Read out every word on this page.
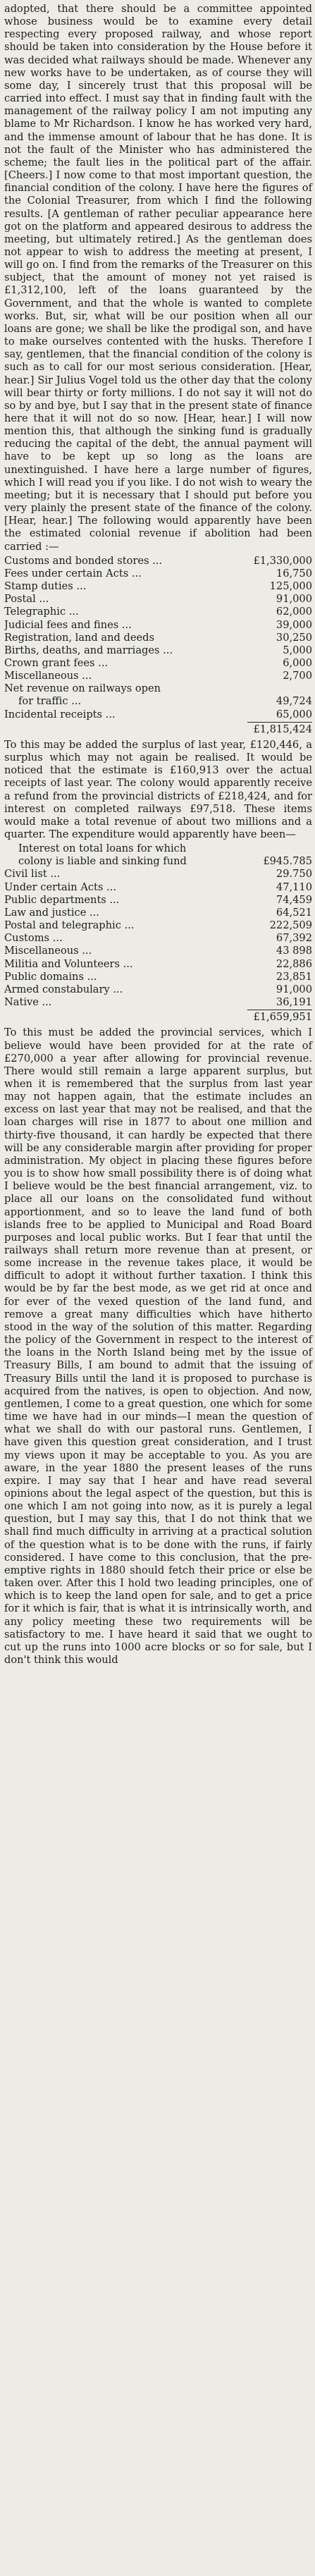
adopted, that there should be a committee appointed whose business would be to examine every detail respecting every proposed railway, and whose report should be taken into consideration by the House before it was decided what railways should be made. Whenever any new works have to be undertaken, as of course they will some day, I sincerely trust that this proposal will be carried into effect. I must say that in finding fault with the management of the railway policy I am not imputing any blame to Mr Richardson. I know he has worked very hard, and the immense amount of labour that he has done. It is not the fault of the Minister who has administered the scheme; the fault lies in the political part of the affair. [Cheers.] I now come to that most important question, the financial condition of the colony. I have here the figures of the Colonial Treasurer, from which I find the following results. [A gentleman of rather peculiar appearance here got on the platform and appeared desirous to address the meeting, but ultimately retired.] As the gentleman does not appear to wish to address the meeting at present, I will go on. I find from the remarks of the Treasurer on this subject, that the amount of money not yet raised is £1,312,100, left of the loans guaranteed by the Government, and that the whole is wanted to complete works. But, sir, what will be our position when all our loans are gone; we shall be like the prodigal son, and have to make ourselves contented with the husks. Therefore I say, gentlemen, that the financial condition of the colony is such as to call for our most serious consideration. [Hear, hear.] Sir Julius Vogel told us the other day that the colony will bear thirty or forty millions. I do not say it will not do so by and bye, but I say that in the present state of finance here that it will not do so now. [Hear, hear.] I will now mention this, that although the sinking fund is gradually reducing the capital of the debt, the annual payment will have to be kept up so long as the loans are unextinguished. I have here a large number of figures, which I will read you if you like. I do not wish to weary the meeting; but it is necessary that I should put before you very plainly the present state of the finance of the colony. [Hear, hear.] The following would apparently have been the estimated colonial revenue if abolition had been carried :—

Customs and bonded stores ...	£1,330,000
Fees under certain Acts ...	16,750
Stamp duties ...	125,000
Postal ...	91,000
Telegraphic ...	62,000
Judicial fees and fines ...	39,000
Registration, land and deeds	30,250
Births, deaths, and marriages ...	5,000
Crown grant fees ...	6,000
Miscellaneous ...	2,700
Net revenue on railways open
for traffic ...	49,724
Incidental receipts ...	65,000
£1,815,424

To this may be added the surplus of last year, £120,446, a surplus which may not again be realised. It would be noticed that the estimate is £160,913 over the actual receipts of last year. The colony would apparently receive a refund from the provincial districts of £218,424, and for interest on completed railways £97,518. These items would make a total revenue of about two millions and a quarter. The expenditure would apparently have been—

Interest on total loans for which
colony is liable and sinking fund	£945.785
Civil list ...	29.750
Under certain Acts ...	47,110
Public departments ...	74,459
Law and justice ...	64,521
Postal and telegraphic ...	222,509
Customs ...	67,392
Miscellaneous ...	43 898
Militia and Volunteers ...	22,886
Public domains ...	23,851
Armed constabulary ...	91,000
Native ...	36,191
£1,659,951

To this must be added the provincial services, which I believe would have been provided for at the rate of £270,000 a year after allowing for provincial revenue. There would still remain a large apparent surplus, but when it is remembered that the surplus from last year may not happen again, that the estimate includes an excess on last year that may not be realised, and that the loan charges will rise in 1877 to about one million and thirty-five thousand, it can hardly be expected that there will be any considerable margin after providing for proper administration. My object in placing these figures before you is to show how small possibility there is of doing what I believe would be the best financial arrangement, viz. to place all our loans on the consolidated fund without apportionment, and so to leave the land fund of both islands free to be applied to Municipal and Road Board purposes and local public works. But I fear that until the railways shall return more revenue than at present, or some increase in the revenue takes place, it would be difficult to adopt it without further taxation. I think this would be by far the best mode, as we get rid at once and for ever of the vexed question of the land fund, and remove a great many difficulties which have hitherto stood in the way of the solution of this matter. Regarding the policy of the Government in respect to the interest of the loans in the North Island being met by the issue of Treasury Bills, I am bound to admit that the issuing of Treasury Bills until the land it is proposed to purchase is acquired from the natives, is open to objection. And now, gentlemen, I come to a great question, one which for some time we have had in our minds—I mean the question of what we shall do with our pastoral runs. Gentlemen, I have given this question great consideration, and I trust my views upon it may be acceptable to you. As you are aware, in the year 1880 the present leases of the runs expire. I may say that I hear and have read several opinions about the legal aspect of the question, but this is one which I am not going into now, as it is purely a legal question, but I may say this, that I do not think that we shall find much difficulty in arriving at a practical solution of the question what is to be done with the runs, if fairly considered. I have come to this conclusion, that the pre-emptive rights in 1880 should fetch their price or else be taken over. After this I hold two leading principles, one of which is to keep the land open for sale, and to get a price for it which is fair, that is what it is intrinsically worth, and any policy meeting these two requirements will be satisfactory to me. I have heard it said that we ought to cut up the runs into 1000 acre blocks or so for sale, but I don't think this would
